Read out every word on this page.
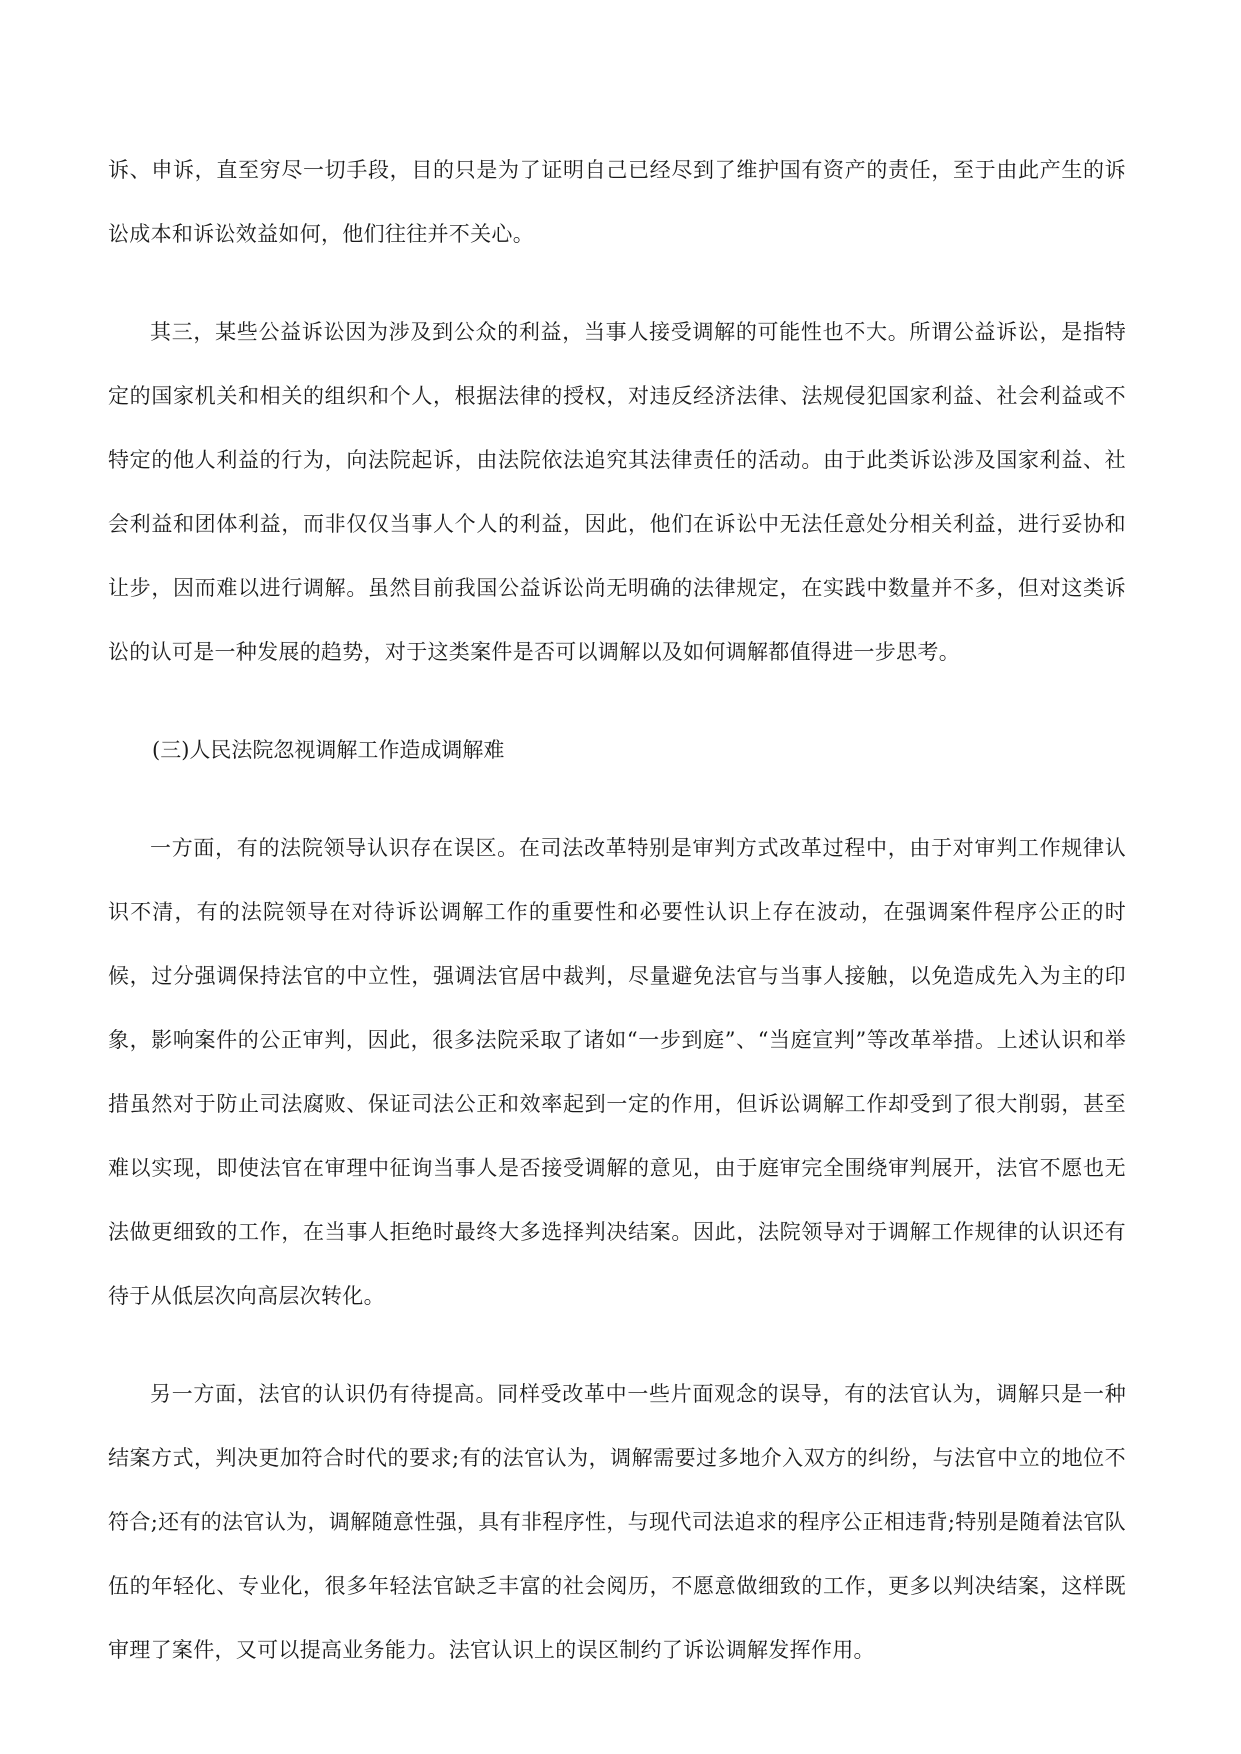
诉、申诉，直至穷尽一切手段，目的只是为了证明自己已经尽到了维护国有资产的责任，至于由此产生的诉讼成本和诉讼效益如何，他们往往并不关心。

其三，某些公益诉讼因为涉及到公众的利益，当事人接受调解的可能性也不大。所谓公益诉讼，是指特定的国家机关和相关的组织和个人，根据法律的授权，对违反经济法律、法规侵犯国家利益、社会利益或不特定的他人利益的行为，向法院起诉，由法院依法追究其法律责任的活动。由于此类诉讼涉及国家利益、社会利益和团体利益，而非仅仅当事人个人的利益，因此，他们在诉讼中无法任意处分相关利益，进行妥协和让步，因而难以进行调解。虽然目前我国公益诉讼尚无明确的法律规定，在实践中数量并不多，但对这类诉讼的认可是一种发展的趋势，对于这类案件是否可以调解以及如何调解都值得进一步思考。

(三)人民法院忽视调解工作造成调解难

一方面，有的法院领导认识存在误区。在司法改革特别是审判方式改革过程中，由于对审判工作规律认识不清，有的法院领导在对待诉讼调解工作的重要性和必要性认识上存在波动，在强调案件程序公正的时候，过分强调保持法官的中立性，强调法官居中裁判，尽量避免法官与当事人接触，以免造成先入为主的印象，影响案件的公正审判，因此，很多法院采取了诸如“一步到庭”、“当庭宣判”等改革举措。上述认识和举措虽然对于防止司法腐败、保证司法公正和效率起到一定的作用，但诉讼调解工作却受到了很大削弱，甚至难以实现，即使法官在审理中征询当事人是否接受调解的意见，由于庭审完全围绕审判展开，法官不愿也无法做更细致的工作，在当事人拒绝时最终大多选择判决结案。因此，法院领导对于调解工作规律的认识还有待于从低层次向高层次转化。

另一方面，法官的认识仍有待提高。同样受改革中一些片面观念的误导，有的法官认为，调解只是一种结案方式，判决更加符合时代的要求;有的法官认为，调解需要过多地介入双方的纠纷，与法官中立的地位不符合;还有的法官认为，调解随意性强，具有非程序性，与现代司法追求的程序公正相违背;特别是随着法官队伍的年轻化、专业化，很多年轻法官缺乏丰富的社会阅历，不愿意做细致的工作，更多以判决结案，这样既审理了案件，又可以提高业务能力。法官认识上的误区制约了诉讼调解发挥作用。
